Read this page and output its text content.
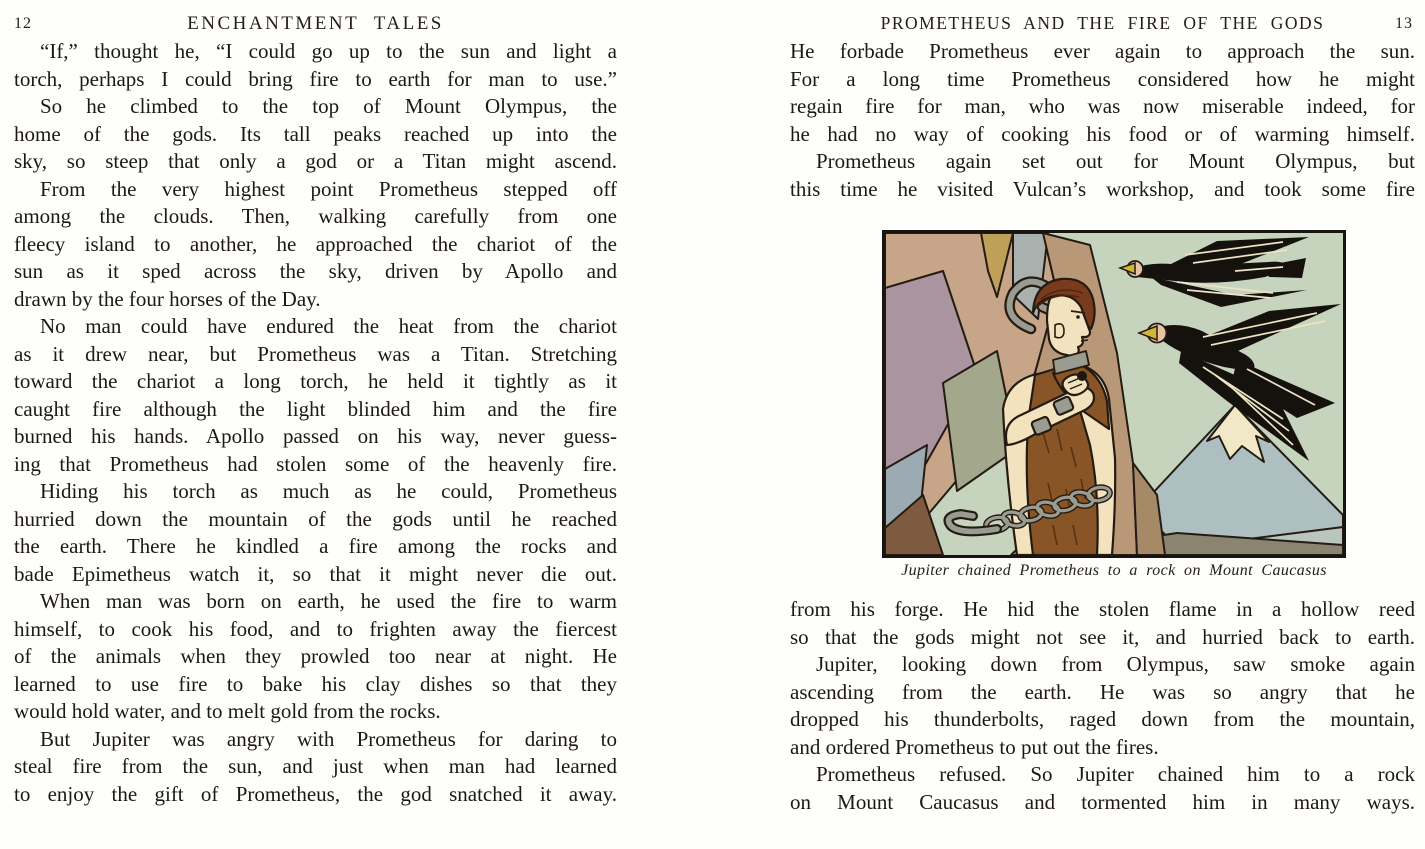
12	ENCHANTMENT TALES
“If,” thought he, “I could go up to the sun and light a
torch, perhaps I could bring fire to earth for man to use.”
So he climbed to the top of Mount Olympus, the
home of the gods. Its tall peaks reached up into the
sky, so steep that only a god or a Titan might ascend.
From the very highest point Prometheus stepped off
among the clouds. Then, walking carefully from one
fleecy island to another, he approached the chariot of the
sun as it sped across the sky, driven by Apollo and
drawn by the four horses of the Day.
No man could have endured the heat from the chariot
as it drew near, but Prometheus was a Titan. Stretching
toward the chariot a long torch, he held it tightly as it
caught fire although the light blinded him and the fire
burned his hands. Apollo passed on his way, never guess-
ing that Prometheus had stolen some of the heavenly fire.
Hiding his torch as much as he could, Prometheus
hurried down the mountain of the gods until he reached
the earth. There he kindled a fire among the rocks and
bade Epimetheus watch it, so that it might never die out.
When man was born on earth, he used the fire to warm
himself, to cook his food, and to frighten away the fiercest
of the animals when they prowled too near at night. He
learned to use fire to bake his clay dishes so that they
would hold water, and to melt gold from the rocks.
But Jupiter was angry with Prometheus for daring to
steal fire from the sun, and just when man had learned
to enjoy the gift of Prometheus, the god snatched it away.
13
PROMETHEUS AND THE FIRE OF THE GODS
He forbade Prometheus ever again to approach the sun.
For a long time Prometheus considered how he might
regain fire for man, who was now miserable indeed, for
he had no way of cooking his food or of warming himself.
Prometheus again set out for Mount Olympus, but
this time he visited Vulcan’s workshop, and took some fire
Jupiter chained Prometheus to a rock on Mount Caucasus
from his forge. He hid the stolen flame in a hollow reed
so that the gods might not see it, and hurried back to earth.
Jupiter, looking down from Olympus, saw smoke again
ascending from the earth. He was so angry that he
dropped his thunderbolts, raged down from the mountain,
and ordered Prometheus to put out the fires.
Prometheus refused. So Jupiter chained him to a rock
on Mount Caucasus and tormented him in many ways.
